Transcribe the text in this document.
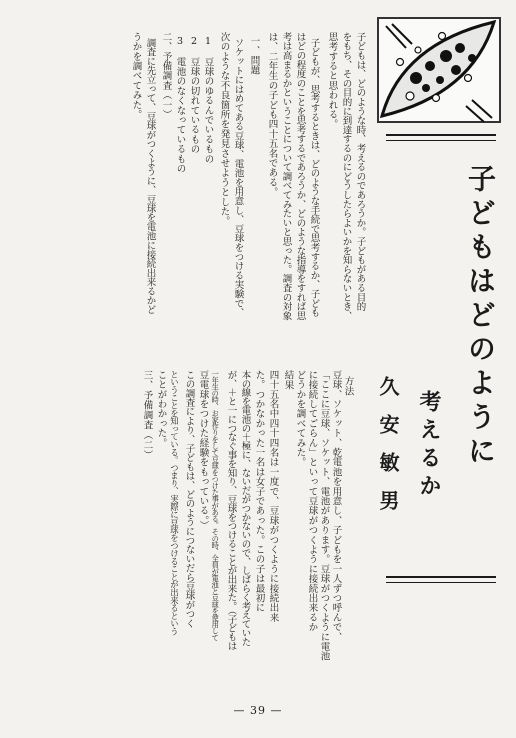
子どもはどのように
考えるか
久安敏男
方法
豆球、ソケット、乾電池を用意し、子どもを一人ずつ呼んで、
「ここに豆球、ソケット、電池があります。豆球がつくように電池
に接続してごらん」といって豆球がつくように接続出来るか
どうかを調べてみた。
結果
四十五名中四十四名は一度で、豆球がつくように接続出来
た。つかなかった一名は女子であった。この子は最初に
本の線を電池の＋極に、ないだがつかないので、しばらく考えていた
が、＋と一につなぐ事を知り、豆球をつけることが出来た。（子どもは
一年生の時、お家作りをして豆球をつけた事がある。その時、全員が電池と豆球を使用して
豆電球をつけた経験をもっている。）
この調査により、子どもは、どのようにつないだら豆球がつく
ということを知っている。つまり、実際に豆球をつけることが出来るという
ことがわかった。
三、予備調査（二）
子どもは、どのような時、考えるのであろうか。子どもがある目的
をもち、その目的に到達するのにどうしたらよいかを知らないとき、
思考すると思われる。
子どもが、思考するときは、どのような手続で思考するか、子ども
はどの程度のことを思考するであろうか、どのような指導をすれば思
考は高まるかということについて調べてみたいと思った。調査の対象
は、二年生の子ども四十五名である。
一、問題
ソケットにはめてある豆球、電池を用意し、豆球をつける実験で、
次のような不良箇所を発見させようとした。
1　豆球のゆるんでいるもの
2　豆球の切れているもの
3　電池のなくなっているもの
二、予備調査（一）
調査に先立って、豆球がつくように、豆球を電池に接続出来るかど
うかを調べてみた。
— 39 —
